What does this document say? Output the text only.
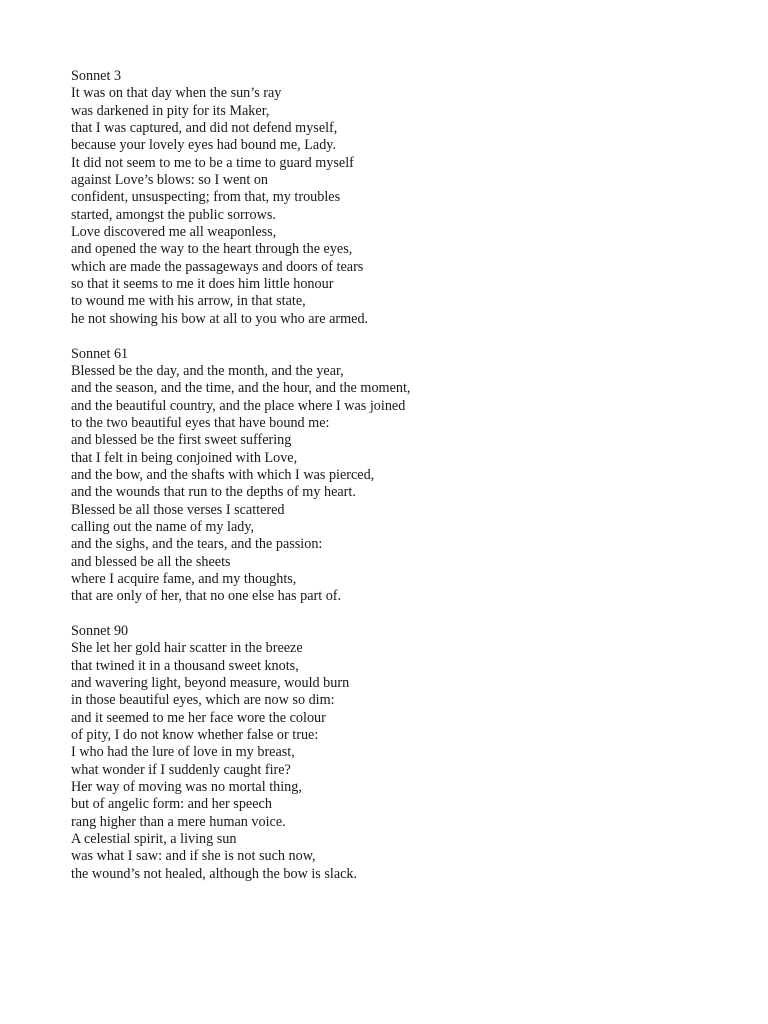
Sonnet 3
It was on that day when the sun’s ray
was darkened in pity for its Maker,
that I was captured, and did not defend myself,
because your lovely eyes had bound me, Lady.
It did not seem to me to be a time to guard myself
against Love’s blows: so I went on
confident, unsuspecting; from that, my troubles
started, amongst the public sorrows.
Love discovered me all weaponless,
and opened the way to the heart through the eyes,
which are made the passageways and doors of tears
so that it seems to me it does him little honour
to wound me with his arrow, in that state,
he not showing his bow at all to you who are armed.
Sonnet 61
Blessed be the day, and the month, and the year,
and the season, and the time, and the hour, and the moment,
and the beautiful country, and the place where I was joined
to the two beautiful eyes that have bound me:
and blessed be the first sweet suffering
that I felt in being conjoined with Love,
and the bow, and the shafts with which I was pierced,
and the wounds that run to the depths of my heart.
Blessed be all those verses I scattered
calling out the name of my lady,
and the sighs, and the tears, and the passion:
and blessed be all the sheets
where I acquire fame, and my thoughts,
that are only of her, that no one else has part of.
Sonnet 90
She let her gold hair scatter in the breeze
that twined it in a thousand sweet knots,
and wavering light, beyond measure, would burn
in those beautiful eyes, which are now so dim:
and it seemed to me her face wore the colour
of pity, I do not know whether false or true:
I who had the lure of love in my breast,
what wonder if I suddenly caught fire?
Her way of moving was no mortal thing,
but of angelic form: and her speech
rang higher than a mere human voice.
A celestial spirit, a living sun
was what I saw: and if she is not such now,
the wound’s not healed, although the bow is slack.
